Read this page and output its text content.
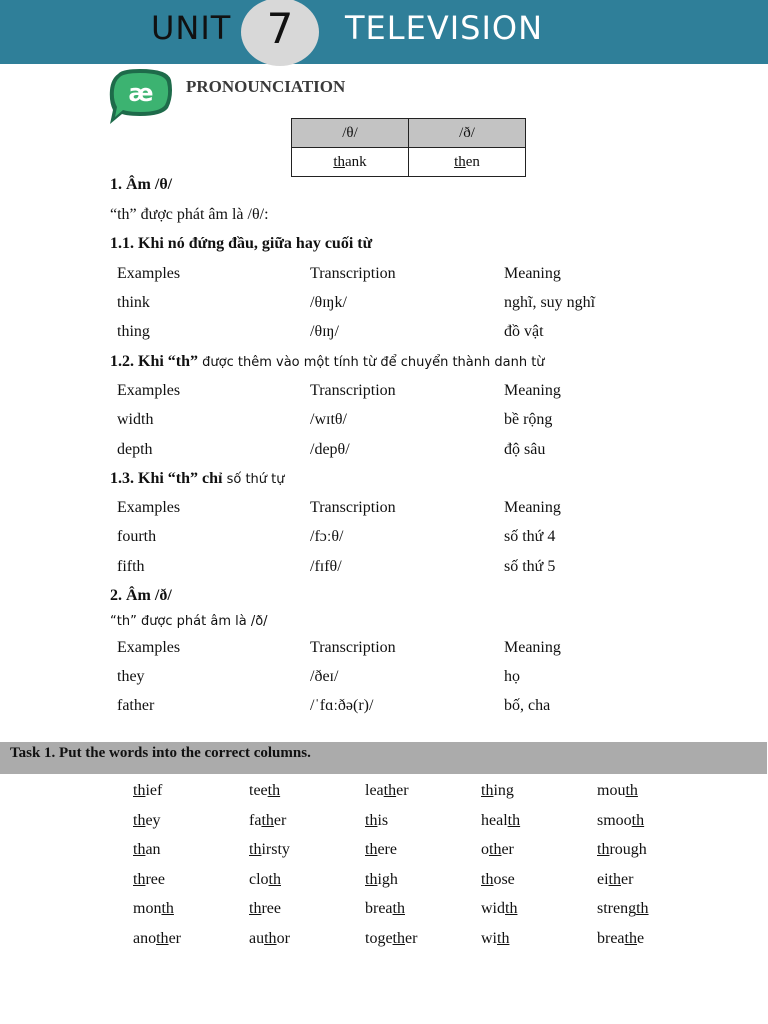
UNIT 7	TELEVISION
æ PRONOUNCIATION
/θ/	/ð/
thank	then
1. Âm /θ/
“th” được phát âm là /θ/:
1.1. Khi nó đứng đầu, giữa hay cuối từ
Examples	Transcription	Meaning
think	/θɪŋk/	nghĩ, suy nghĩ
thing	/θɪŋ/	đồ vật
1.2. Khi “th” được thêm vào một tính từ để chuyển thành danh từ
Examples	Transcription	Meaning
width	/wɪtθ/	bề rộng
depth	/depθ/	độ sâu
1.3. Khi “th” chỉ số thứ tự
Examples	Transcription	Meaning
fourth	/fɔːθ/	số thứ 4
fifth	/fɪfθ/	số thứ 5
2. Âm /ð/
“th” được phát âm là /ð/
Examples	Transcription	Meaning
they	/ðeɪ/	họ
father	/ˈfɑːðə(r)/	bố, cha
Task 1. Put the words into the correct columns.
thief	teeth	leather	thing	mouth
they	father	this	health	smooth
than	thirsty	there	other	through
three	cloth	thigh	those	either
month	three	breath	width	strength
another	author	together	with	breathe
